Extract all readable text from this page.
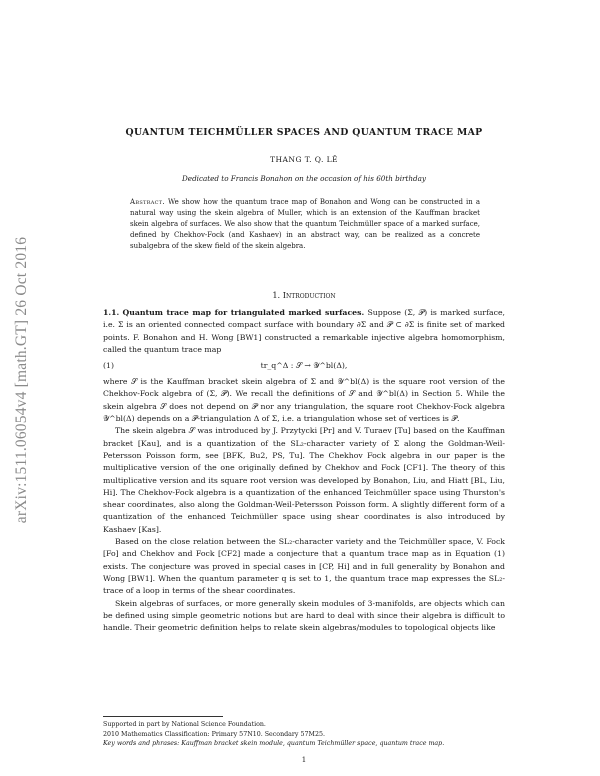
arXiv:1511.06054v4 [math.GT] 26 Oct 2016
QUANTUM TEICHMÜLLER SPACES AND QUANTUM TRACE MAP
THANG T. Q. LÊ
Dedicated to Francis Bonahon on the occasion of his 60th birthday
Abstract. We show how the quantum trace map of Bonahon and Wong can be constructed in a natural way using the skein algebra of Muller, which is an extension of the Kauffman bracket skein algebra of surfaces. We also show that the quantum Teichmüller space of a marked surface, defined by Chekhov-Fock (and Kashaev) in an abstract way, can be realized as a concrete subalgebra of the skew field of the skein algebra.
1. Introduction

1.1. Quantum trace map for triangulated marked surfaces. Suppose (Σ, 𝒫) is marked surface, i.e. Σ is an oriented connected compact surface with boundary ∂Σ and 𝒫 ⊂ ∂Σ is finite set of marked points. F. Bonahon and H. Wong [BW1] constructed a remarkable injective algebra homomorphism, called the quantum trace map

(1)	tr_q^Δ : 𝒮 → 𝒴^bl(Δ),

where 𝒮 is the Kauffman bracket skein algebra of Σ and 𝒴^bl(Δ) is the square root version of the Chekhov-Fock algebra of (Σ, 𝒫). We recall the definitions of 𝒮 and 𝒴^bl(Δ) in Section 5. While the skein algebra 𝒮 does not depend on 𝒫 nor any triangulation, the square root Chekhov-Fock algebra 𝒴^bl(Δ) depends on a 𝒫-triangulation Δ of Σ, i.e. a triangulation whose set of vertices is 𝒫.

The skein algebra 𝒮 was introduced by J. Przytycki [Pr] and V. Turaev [Tu] based on the Kauffman bracket [Kau], and is a quantization of the SL₂-character variety of Σ along the Goldman-Weil-Petersson Poisson form, see [BFK, Bu2, PS, Tu]. The Chekhov Fock algebra in our paper is the multiplicative version of the one originally defined by Chekhov and Fock [CF1]. The theory of this multiplicative version and its square root version was developed by Bonahon, Liu, and Hiatt [BL, Liu, Hi]. The Chekhov-Fock algebra is a quantization of the enhanced Teichmüller space using Thurston's shear coordinates, also along the Goldman-Weil-Petersson Poisson form. A slightly different form of a quantization of the enhanced Teichmüller space using shear coordinates is also introduced by Kashaev [Kas].

Based on the close relation between the SL₂-character variety and the Teichmüller space, V. Fock [Fo] and Chekhov and Fock [CF2] made a conjecture that a quantum trace map as in Equation (1) exists. The conjecture was proved in special cases in [CP, Hi] and in full generality by Bonahon and Wong [BW1]. When the quantum parameter q is set to 1, the quantum trace map expresses the SL₂-trace of a loop in terms of the shear coordinates.

Skein algebras of surfaces, or more generally skein modules of 3-manifolds, are objects which can be defined using simple geometric notions but are hard to deal with since their algebra is difficult to handle. Their geometric definition helps to relate skein algebras/modules to topological objects like

Supported in part by National Science Foundation.
2010 Mathematics Classification: Primary 57N10. Secondary 57M25.
Key words and phrases: Kauffman bracket skein module, quantum Teichmüller space, quantum trace map.
1
